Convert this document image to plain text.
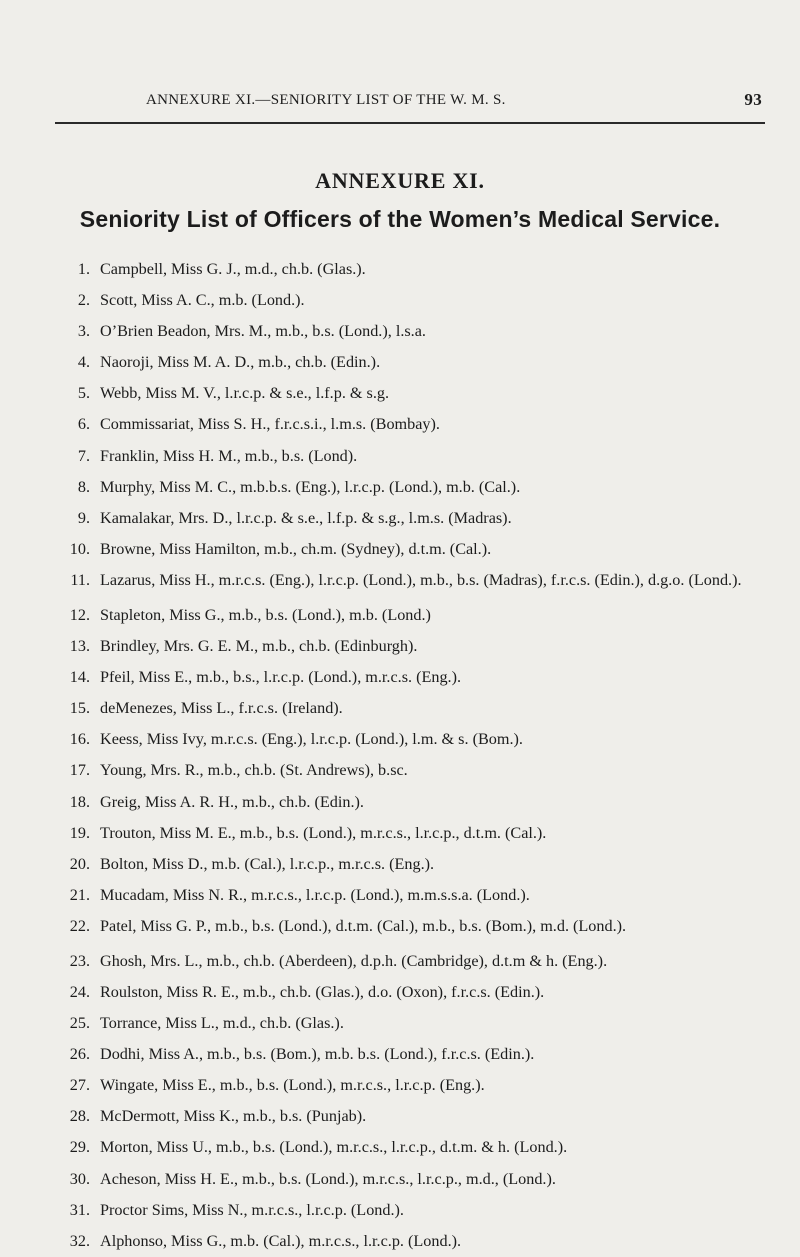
ANNEXURE XI.—SENIORITY LIST OF THE W. M. S.	93
ANNEXURE XI.
Seniority List of Officers of the Women’s Medical Service.
1. Campbell, Miss G. J., m.d., ch.b. (Glas.).
2. Scott, Miss A. C., m.b. (Lond.).
3. O’Brien Beadon, Mrs. M., m.b., b.s. (Lond.), l.s.a.
4. Naoroji, Miss M. A. D., m.b., ch.b. (Edin.).
5. Webb, Miss M. V., l.r.c.p. & s.e., l.f.p. & s.g.
6. Commissariat, Miss S. H., f.r.c.s.i., l.m.s. (Bombay).
7. Franklin, Miss H. M., m.b., b.s. (Lond).
8. Murphy, Miss M. C., m.b.b.s. (Eng.), l.r.c.p. (Lond.), m.b. (Cal.).
9. Kamalakar, Mrs. D., l.r.c.p. & s.e., l.f.p. & s.g., l.m.s. (Madras).
10. Browne, Miss Hamilton, m.b., ch.m. (Sydney), d.t.m. (Cal.).
11. Lazarus, Miss H., m.r.c.s. (Eng.), l.r.c.p. (Lond.), m.b., b.s. (Madras), f.r.c.s. (Edin.), d.g.o. (Lond.).
12. Stapleton, Miss G., m.b., b.s. (Lond.), m.b. (Lond.)
13. Brindley, Mrs. G. E. M., m.b., ch.b. (Edinburgh).
14. Pfeil, Miss E., m.b., b.s., l.r.c.p. (Lond.), m.r.c.s. (Eng.).
15. deMenezes, Miss L., f.r.c.s. (Ireland).
16. Keess, Miss Ivy, m.r.c.s. (Eng.), l.r.c.p. (Lond.), l.m. & s. (Bom.).
17. Young, Mrs. R., m.b., ch.b. (St. Andrews), b.sc.
18. Greig, Miss A. R. H., m.b., ch.b. (Edin.).
19. Trouton, Miss M. E., m.b., b.s. (Lond.), m.r.c.s., l.r.c.p., d.t.m. (Cal.).
20. Bolton, Miss D., m.b. (Cal.), l.r.c.p., m.r.c.s. (Eng.).
21. Mucadam, Miss N. R., m.r.c.s., l.r.c.p. (Lond.), m.m.s.s.a. (Lond.).
22. Patel, Miss G. P., m.b., b.s. (Lond.), d.t.m. (Cal.), m.b., b.s. (Bom.), m.d. (Lond.).
23. Ghosh, Mrs. L., m.b., ch.b. (Aberdeen), d.p.h. (Cambridge), d.t.m & h. (Eng.).
24. Roulston, Miss R. E., m.b., ch.b. (Glas.), d.o. (Oxon), f.r.c.s. (Edin.).
25. Torrance, Miss L., m.d., ch.b. (Glas.).
26. Dodhi, Miss A., m.b., b.s. (Bom.), m.b. b.s. (Lond.), f.r.c.s. (Edin.).
27. Wingate, Miss E., m.b., b.s. (Lond.), m.r.c.s., l.r.c.p. (Eng.).
28. McDermott, Miss K., m.b., b.s. (Punjab).
29. Morton, Miss U., m.b., b.s. (Lond.), m.r.c.s., l.r.c.p., d.t.m. & h. (Lond.).
30. Acheson, Miss H. E., m.b., b.s. (Lond.), m.r.c.s., l.r.c.p., m.d., (Lond.).
31. Proctor Sims, Miss N., m.r.c.s., l.r.c.p. (Lond.).
32. Alphonso, Miss G., m.b. (Cal.), m.r.c.s., l.r.c.p. (Lond.).
